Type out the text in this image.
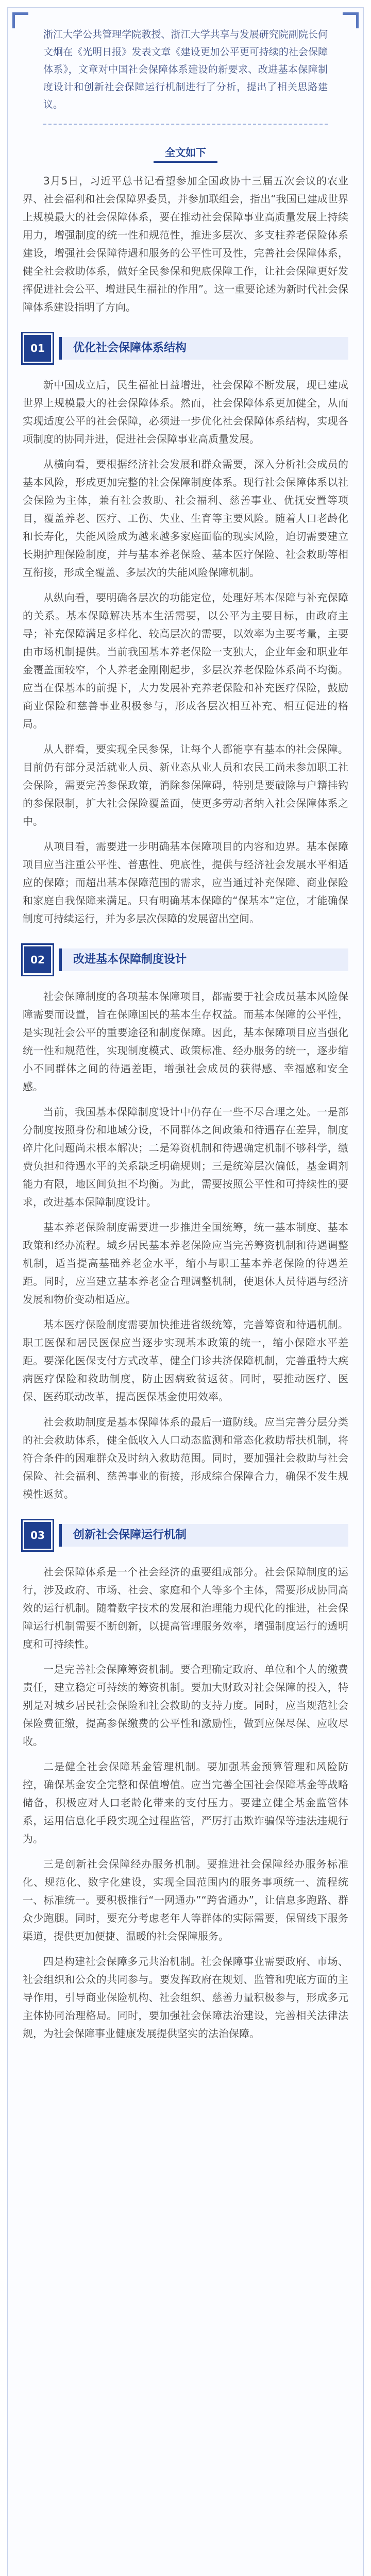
浙江大学公共管理学院教授、浙江大学共享与发展研究院副院长何文炯在《光明日报》发表文章《建设更加公平更可持续的社会保障体系》，文章对中国社会保障体系建设的新要求、改进基本保障制度设计和创新社会保障运行机制进行了分析，提出了相关思路建议。
全文如下

3月5日，习近平总书记看望参加全国政协十三届五次会议的农业界、社会福利和社会保障界委员，并参加联组会，指出“我国已建成世界上规模最大的社会保障体系，要在推动社会保障事业高质量发展上持续用力，增强制度的统一性和规范性，推进多层次、多支柱养老保险体系建设，增强社会保障待遇和服务的公平性可及性，完善社会保障体系，健全社会救助体系，做好全民参保和兜底保障工作，让社会保障更好发挥促进社会公平、增进民生福祉的作用”。这一重要论述为新时代社会保障体系建设指明了方向。

01	优化社会保障体系结构

新中国成立后，民生福祉日益增进，社会保障不断发展，现已建成世界上规模最大的社会保障体系。然而，社会保障体系更加健全，从而实现适度公平的社会保障，必须进一步优化社会保障体系结构，实现各项制度的协同并进，促进社会保障事业高质量发展。

从横向看，要根据经济社会发展和群众需要，深入分析社会成员的基本风险，形成更加完整的社会保障制度体系。现行社会保障体系以社会保险为主体，兼有社会救助、社会福利、慈善事业、优抚安置等项目，覆盖养老、医疗、工伤、失业、生育等主要风险。随着人口老龄化和长寿化，失能风险成为越来越多家庭面临的现实风险，迫切需要建立长期护理保险制度，并与基本养老保险、基本医疗保险、社会救助等相互衔接，形成全覆盖、多层次的失能风险保障机制。

从纵向看，要明确各层次的功能定位，处理好基本保障与补充保障的关系。基本保障解决基本生活需要，以公平为主要目标，由政府主导；补充保障满足多样化、较高层次的需要，以效率为主要考量，主要由市场机制提供。当前我国基本养老保险一支独大，企业年金和职业年金覆盖面较窄，个人养老金刚刚起步，多层次养老保险体系尚不均衡。应当在保基本的前提下，大力发展补充养老保险和补充医疗保险，鼓励商业保险和慈善事业积极参与，形成各层次相互补充、相互促进的格局。

从人群看，要实现全民参保，让每个人都能享有基本的社会保障。目前仍有部分灵活就业人员、新业态从业人员和农民工尚未参加职工社会保险，需要完善参保政策，消除参保障碍，特别是要破除与户籍挂钩的参保限制，扩大社会保险覆盖面，使更多劳动者纳入社会保障体系之中。

从项目看，需要进一步明确基本保障项目的内容和边界。基本保障项目应当注重公平性、普惠性、兜底性，提供与经济社会发展水平相适应的保障；而超出基本保障范围的需求，应当通过补充保障、商业保险和家庭自我保障来满足。只有明确基本保障的“保基本”定位，才能确保制度可持续运行，并为多层次保障的发展留出空间。

02	改进基本保障制度设计

社会保障制度的各项基本保障项目，都需要于社会成员基本风险保障需要而设置，旨在保障国民的基本生存权益。而基本保障的公平性，是实现社会公平的重要途径和制度保障。因此，基本保障项目应当强化统一性和规范性，实现制度模式、政策标准、经办服务的统一，逐步缩小不同群体之间的待遇差距，增强社会成员的获得感、幸福感和安全感。

当前，我国基本保障制度设计中仍存在一些不尽合理之处。一是部分制度按照身份和地域分设，不同群体之间政策和待遇存在差异，制度碎片化问题尚未根本解决；二是筹资机制和待遇确定机制不够科学，缴费负担和待遇水平的关系缺乏明确规则；三是统筹层次偏低，基金调剂能力有限，地区间负担不均衡。为此，需要按照公平性和可持续性的要求，改进基本保障制度设计。

基本养老保险制度需要进一步推进全国统筹，统一基本制度、基本政策和经办流程。城乡居民基本养老保险应当完善筹资机制和待遇调整机制，适当提高基础养老金水平，缩小与职工基本养老保险的待遇差距。同时，应当建立基本养老金合理调整机制，使退休人员待遇与经济发展和物价变动相适应。

基本医疗保险制度需要加快推进省级统筹，完善筹资和待遇机制。职工医保和居民医保应当逐步实现基本政策的统一，缩小保障水平差距。要深化医保支付方式改革，健全门诊共济保障机制，完善重特大疾病医疗保险和救助制度，防止因病致贫返贫。同时，要推动医疗、医保、医药联动改革，提高医保基金使用效率。

社会救助制度是基本保障体系的最后一道防线。应当完善分层分类的社会救助体系，健全低收入人口动态监测和常态化救助帮扶机制，将符合条件的困难群众及时纳入救助范围。同时，要加强社会救助与社会保险、社会福利、慈善事业的衔接，形成综合保障合力，确保不发生规模性返贫。

03	创新社会保障运行机制

社会保障体系是一个社会经济的重要组成部分。社会保障制度的运行，涉及政府、市场、社会、家庭和个人等多个主体，需要形成协同高效的运行机制。随着数字技术的发展和治理能力现代化的推进，社会保障运行机制需要不断创新，以提高管理服务效率，增强制度运行的透明度和可持续性。

一是完善社会保障筹资机制。要合理确定政府、单位和个人的缴费责任，建立稳定可持续的筹资机制。要加大财政对社会保障的投入，特别是对城乡居民社会保险和社会救助的支持力度。同时，应当规范社会保险费征缴，提高参保缴费的公平性和激励性，做到应保尽保、应收尽收。

二是健全社会保障基金管理机制。要加强基金预算管理和风险防控，确保基金安全完整和保值增值。应当完善全国社会保障基金等战略储备，积极应对人口老龄化带来的支付压力。要建立健全基金监管体系，运用信息化手段实现全过程监管，严厉打击欺诈骗保等违法违规行为。

三是创新社会保障经办服务机制。要推进社会保障经办服务标准化、规范化、数字化建设，实现全国范围内的服务事项统一、流程统一、标准统一。要积极推行“一网通办”“跨省通办”，让信息多跑路、群众少跑腿。同时，要充分考虑老年人等群体的实际需要，保留线下服务渠道，提供更加便捷、温暖的社会保障服务。

四是构建社会保障多元共治机制。社会保障事业需要政府、市场、社会组织和公众的共同参与。要发挥政府在规划、监管和兜底方面的主导作用，引导商业保险机构、社会组织、慈善力量积极参与，形成多元主体协同治理格局。同时，要加强社会保障法治建设，完善相关法律法规，为社会保障事业健康发展提供坚实的法治保障。
